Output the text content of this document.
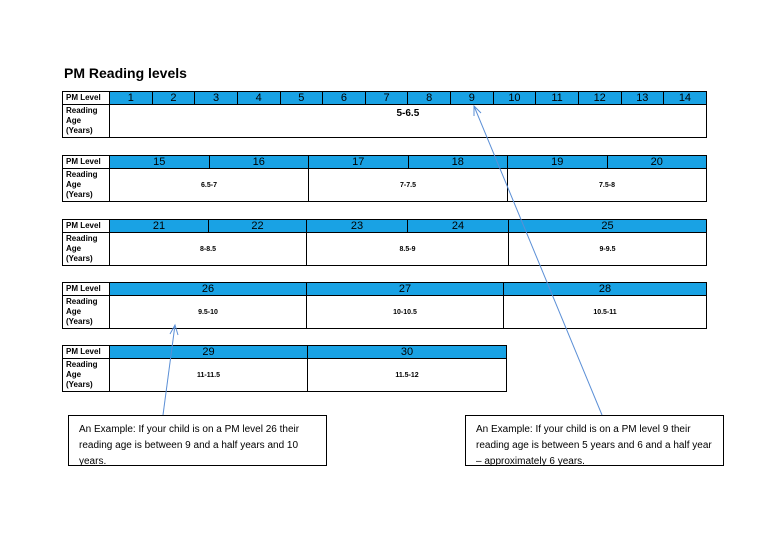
PM Reading levels
PM Level	1	2	3	4	5	6	7	8	9	10	11	12	13	14
Reading Age (Years)	5-6.5													
PM Level	15	16	17	18	19	20
Reading Age (Years)	6.5-7		7-7.5		7.5-8	
PM Level	21	22	23	24	25
Reading Age (Years)	8-8.5		8.5-9		9-9.5
PM Level	26	27	28
Reading Age (Years)	9.5-10	10-10.5	10.5-11
PM Level	29	30
Reading Age (Years)	11-11.5	11.5-12
An Example: If your child is on a PM level 26 their reading age is between 9 and a half years and 10 years.
An Example: If your child is on a PM level 9 their reading age is between 5 years and 6 and a half year – approximately 6 years.
